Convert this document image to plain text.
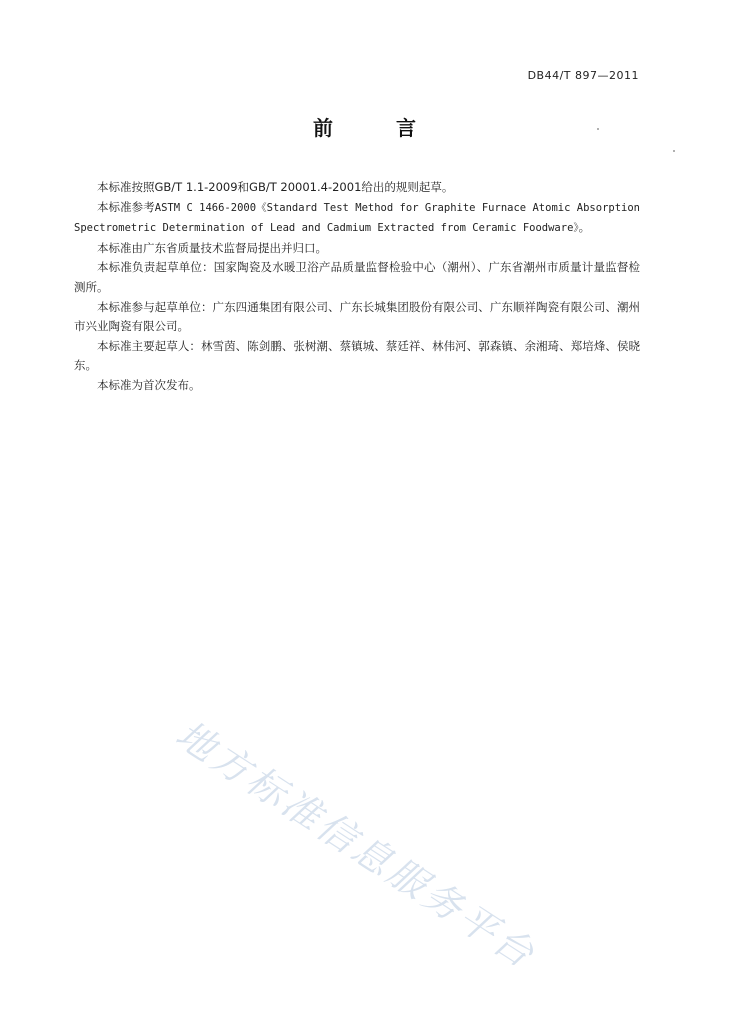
DB44/T 897—2011
前 言

本标准按照GB/T 1.1-2009和GB/T 20001.4-2001给出的规则起草。

本标准参考ASTM C 1466-2000《Standard Test Method for Graphite Furnace Atomic Absorption Spectrometric Determination of Lead and Cadmium Extracted from Ceramic Foodware》。

本标准由广东省质量技术监督局提出并归口。

本标准负责起草单位：国家陶瓷及水暖卫浴产品质量监督检验中心（潮州）、广东省潮州市质量计量监督检测所。

本标准参与起草单位：广东四通集团有限公司、广东长城集团股份有限公司、广东顺祥陶瓷有限公司、潮州市兴业陶瓷有限公司。

本标准主要起草人：林雪茵、陈剑鹏、张树潮、蔡镇城、蔡廷祥、林伟河、郭森镇、余湘琦、郑培烽、侯晓东。

本标准为首次发布。

地方标准信息服务平台
